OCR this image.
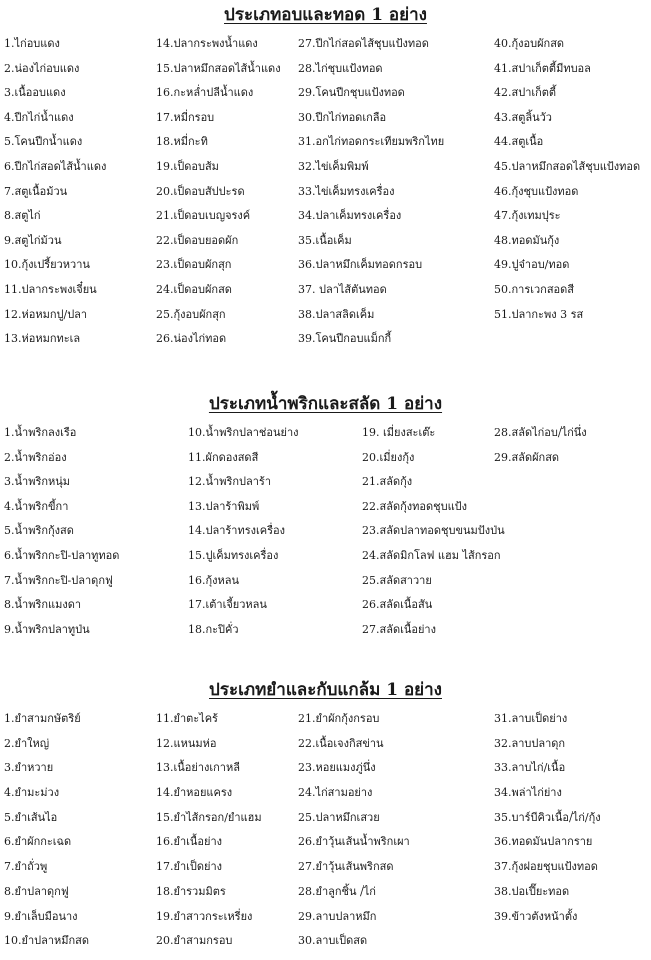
ประเภทอบและทอด 1 อย่าง
1.ไก่อบแดง
2.น่องไก่อบแดง
3.เนื้ออบแดง
4.ปีกไก่น้ำแดง
5.โคนปีกน้ำแดง
6.ปีกไก่สอดไส้น้ำแดง
7.สตูเนื้อม้วน
8.สตูไก่
9.สตูไก่ม้วน
10.กุ้งเปรี้ยวหวาน
11.ปลากระพงเจี๋ยน
12.ห่อหมกปู/ปลา
13.ห่อหมกทะเล
14.ปลากระพงน้ำแดง
15.ปลาหมึกสอดไส้น้ำแดง
16.กะหล่ำปลีน้ำแดง
17.หมี่กรอบ
18.หมี่กะทิ
19.เป็ดอบส้ม
20.เป็ดอบสัปปะรด
21.เป็ดอบเบญจรงค์
22.เป็ดอบยอดผัก
23.เป็ดอบผักสุก
24.เป็ดอบผักสด
25.กุ้งอบผักสุก
26.น่องไก่ทอด
27.ปีกไก่สอดไส้ชุบแป้งทอด
28.ไก่ชุบแป้งทอด
29.โคนปีกชุบแป้งทอด
30.ปีกไก่ทอดเกลือ
31.อกไก่ทอดกระเทียมพริกไทย
32.ไข่เค็มพิมพ์
33.ไข่เค็มทรงเครื่อง
34.ปลาเค็มทรงเครื่อง
35.เนื้อเค็ม
36.ปลาหมึกเค็มทอดกรอบ
37. ปลาไส้ตันทอด
38.ปลาสลิดเค็ม
39.โคนปีกอบแม็กกี้
40.กุ้งอบผักสด
41.สปาเก็ตตี้มีทบอล
42.สปาเก็ตตี้
43.สตูลิ้นวัว
44.สตูเนื้อ
45.ปลาหมึกสอดไส้ชุบแป้งทอด
46.กุ้งชุบแป้งทอด
47.กุ้งเทมปุระ
48.ทอดมันกุ้ง
49.ปูจ๋าอบ/ทอด
50.การเวกสอดสี
51.ปลากะพง 3 รส
ประเภทน้ำพริกและสลัด 1 อย่าง
1.น้ำพริกลงเรือ
2.น้ำพริกอ่อง
3.น้ำพริกหนุ่ม
4.น้ำพริกขี้กา
5.น้ำพริกกุ้งสด
6.น้ำพริกกะปิ-ปลาทูทอด
7.น้ำพริกกะปิ-ปลาดุกฟู
8.น้ำพริกแมงดา
9.น้ำพริกปลาทูป่น
10.น้ำพริกปลาช่อนย่าง
11.ผักดองสดสี
12.น้ำพริกปลาร้า
13.ปลาร้าพิมพ์
14.ปลาร้าทรงเครื่อง
15.ปูเค็มทรงเครื่อง
16.กุ้งหลน
17.เต้าเจี้ยวหลน
18.กะปิคั่ว
19. เมี่ยงสะเต๊ะ
20.เมี่ยงกุ้ง
21.สลัดกุ้ง
22.สลัดกุ้งทอดชุบแป้ง
23.สลัดปลาทอดชุบขนมปังป่น
24.สลัดมิกโลฟ แฮม ไส้กรอก
25.สลัดสาวาย
26.สลัดเนื้อสัน
27.สลัดเนื้อย่าง
28.สลัดไก่อบ/ไก่นึ่ง
29.สลัดผักสด
ประเภทยำและกับแกล้ม 1 อย่าง
1.ยำสามกษัตริย์
2.ยำใหญ่
3.ยำหวาย
4.ยำมะม่วง
5.ยำเส้นไอ
6.ยำผักกะเฉด
7.ยำถั่วพู
8.ยำปลาดุกฟู
9.ยำเล็บมือนาง
10.ยำปลาหมึกสด
11.ยำตะไคร้
12.แหนมห่อ
13.เนื้อย่างเกาหลี
14.ยำหอยแครง
15.ยำไส้กรอก/ยำแฮม
16.ยำเนื้อย่าง
17.ยำเป็ดย่าง
18.ยำรวมมิตร
19.ยำสาวกระเหรี่ยง
20.ยำสามกรอบ
21.ยำผักกุ้งกรอบ
22.เนื้อเจงกิสข่าน
23.หอยแมงภู่นึ่ง
24.ไก่สามอย่าง
25.ปลาหมึกเสวย
26.ยำวุ้นเส้นน้ำพริกเผา
27.ยำวุ้นเส้นพริกสด
28.ยำลูกชิ้น /ไก่
29.ลาบปลาหมึก
30.ลาบเป็ดสด
31.ลาบเป็ดย่าง
32.ลาบปลาดุก
33.ลาบไก่/เนื้อ
34.พล่าไก่ย่าง
35.บาร์บีคิวเนื้อ/ไก่/กุ้ง
36.ทอดมันปลากราย
37.กุ้งฝอยชุบแป้งทอด
38.ปอเปี๊ยะทอด
39.ข้าวตังหน้าตั้ง
